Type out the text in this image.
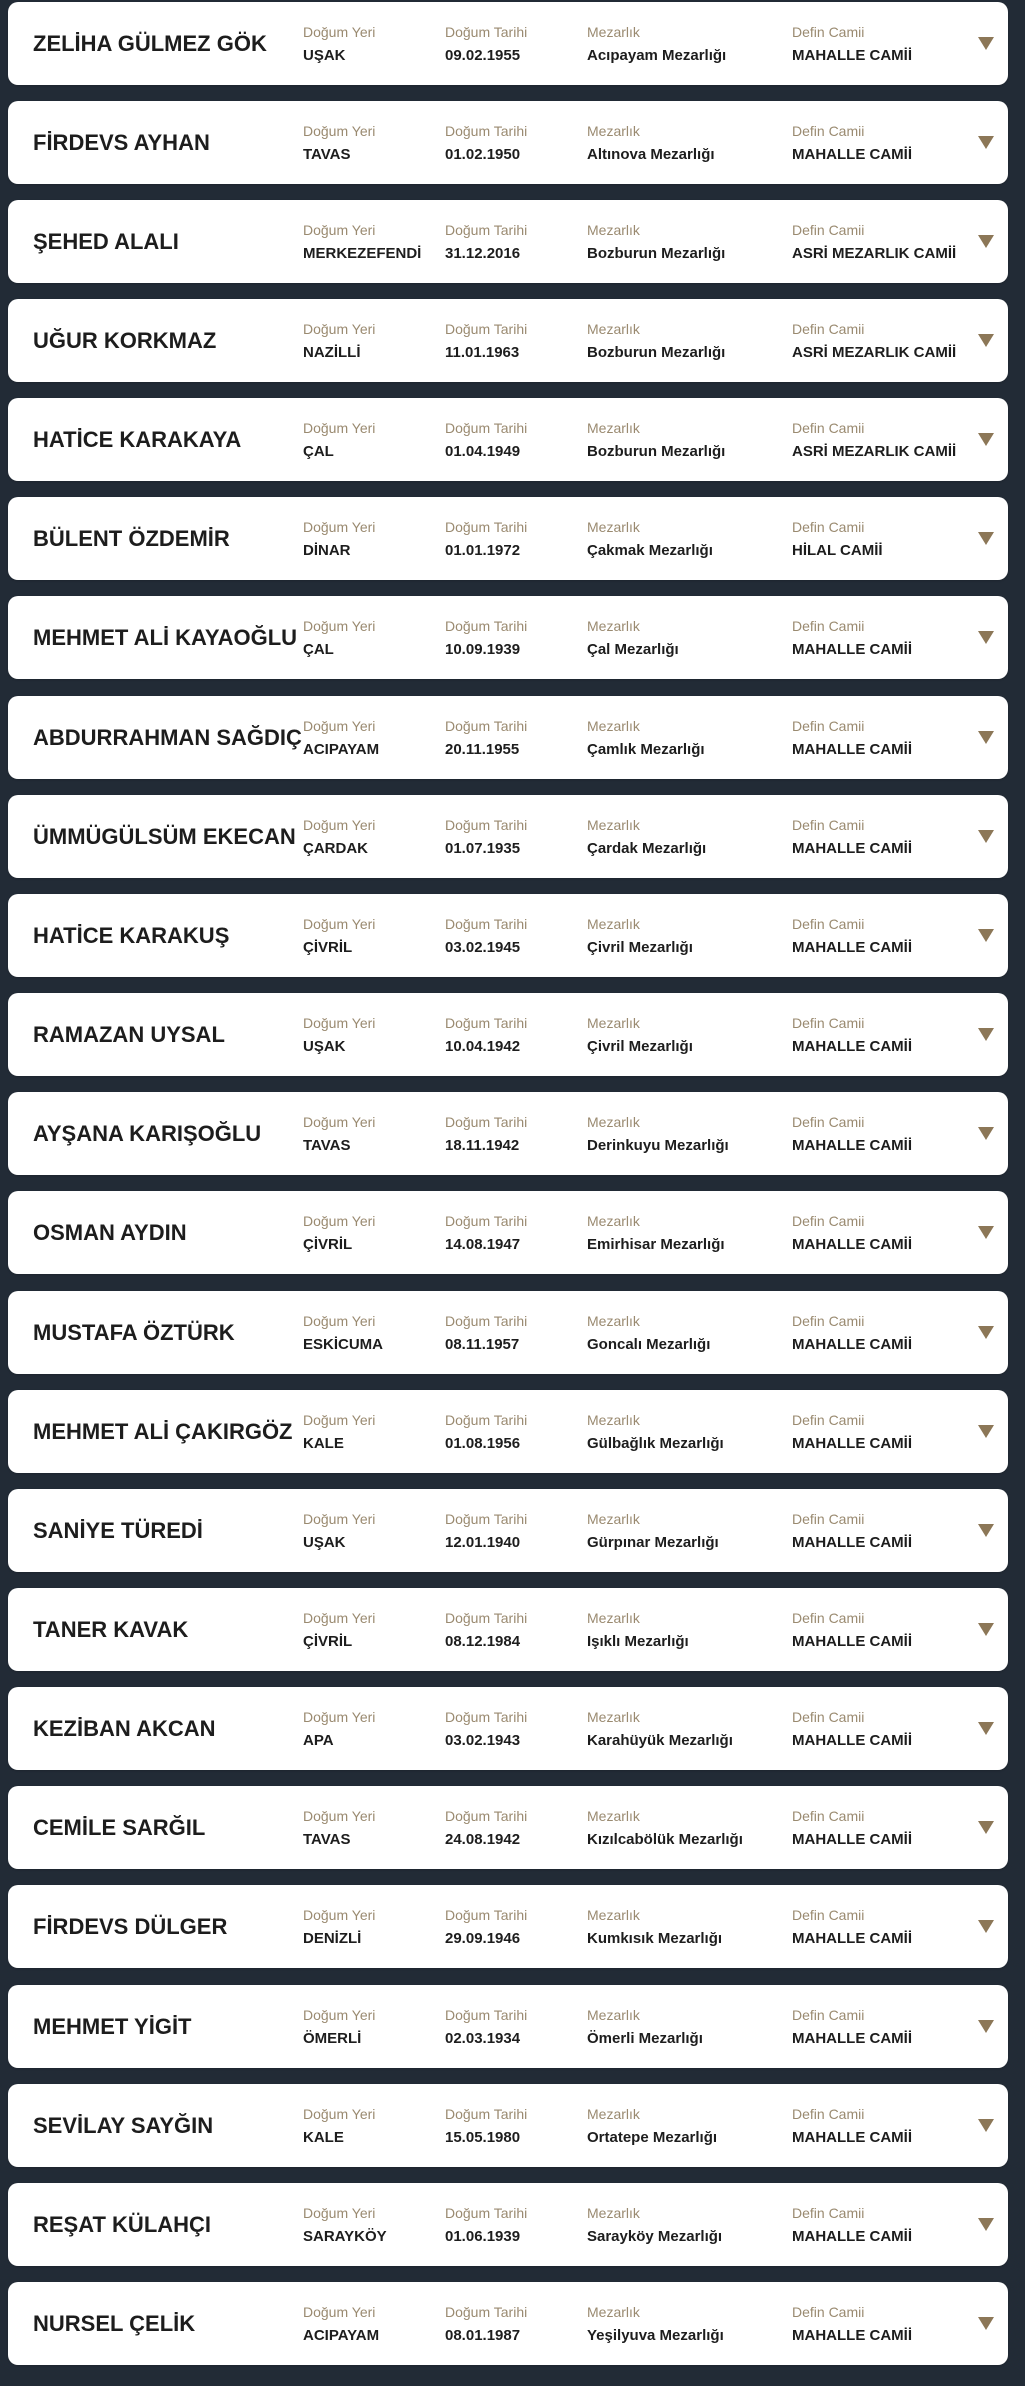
ZELİHA GÜLMEZ GÖK	Doğum Yeri
UŞAK
Doğum Tarihi
09.02.1955
Mezarlık
Acıpayam Mezarlığı
Defin Camii
MAHALLE CAMİİ
FİRDEVS AYHAN	Doğum Yeri
TAVAS
Doğum Tarihi
01.02.1950
Mezarlık
Altınova Mezarlığı
Defin Camii
MAHALLE CAMİİ
ŞEHED ALALI	Doğum Yeri
MERKEZEFENDİ
Doğum Tarihi
31.12.2016
Mezarlık
Bozburun Mezarlığı
Defin Camii
ASRİ MEZARLIK CAMİİ
UĞUR KORKMAZ	Doğum Yeri
NAZİLLİ
Doğum Tarihi
11.01.1963
Mezarlık
Bozburun Mezarlığı
Defin Camii
ASRİ MEZARLIK CAMİİ
HATİCE KARAKAYA	Doğum Yeri
ÇAL
Doğum Tarihi
01.04.1949
Mezarlık
Bozburun Mezarlığı
Defin Camii
ASRİ MEZARLIK CAMİİ
BÜLENT ÖZDEMİR	Doğum Yeri
DİNAR
Doğum Tarihi
01.01.1972
Mezarlık
Çakmak Mezarlığı
Defin Camii
HİLAL CAMİİ
MEHMET ALİ KAYAOĞLU Doğum Yeri
ÇAL
Doğum Tarihi
10.09.1939
Mezarlık
Çal Mezarlığı
Defin Camii
MAHALLE CAMİİ
ABDURRAHMAN SAĞDIÇ Doğum Yeri
ACIPAYAM
Doğum Tarihi
20.11.1955
Mezarlık
Çamlık Mezarlığı
Defin Camii
MAHALLE CAMİİ
ÜMMÜGÜLSÜM EKECAN Doğum Yeri
ÇARDAK
Doğum Tarihi
01.07.1935
Mezarlık
Çardak Mezarlığı
Defin Camii
MAHALLE CAMİİ
HATİCE KARAKUŞ	Doğum Yeri
ÇİVRİL
Doğum Tarihi
03.02.1945
Mezarlık
Çivril Mezarlığı
Defin Camii
MAHALLE CAMİİ
RAMAZAN UYSAL	Doğum Yeri
UŞAK
Doğum Tarihi
10.04.1942
Mezarlık
Çivril Mezarlığı
Defin Camii
MAHALLE CAMİİ
AYŞANA KARIŞOĞLU	Doğum Yeri
TAVAS
Doğum Tarihi
18.11.1942
Mezarlık
Derinkuyu Mezarlığı
Defin Camii
MAHALLE CAMİİ
OSMAN AYDIN	Doğum Yeri
ÇİVRİL
Doğum Tarihi
14.08.1947
Mezarlık
Emirhisar Mezarlığı
Defin Camii
MAHALLE CAMİİ
MUSTAFA ÖZTÜRK	Doğum Yeri
ESKİCUMA
Doğum Tarihi
08.11.1957
Mezarlık
Goncalı Mezarlığı
Defin Camii
MAHALLE CAMİİ
MEHMET ALİ ÇAKIRGÖZ Doğum Yeri
KALE
Doğum Tarihi
01.08.1956
Mezarlık
Gülbağlık Mezarlığı
Defin Camii
MAHALLE CAMİİ
SANİYE TÜREDİ	Doğum Yeri
UŞAK
Doğum Tarihi
12.01.1940
Mezarlık
Gürpınar Mezarlığı
Defin Camii
MAHALLE CAMİİ
TANER KAVAK	Doğum Yeri
ÇİVRİL
Doğum Tarihi
08.12.1984
Mezarlık
Işıklı Mezarlığı
Defin Camii
MAHALLE CAMİİ
KEZİBAN AKCAN	Doğum Yeri
APA
Doğum Tarihi
03.02.1943
Mezarlık
Karahüyük Mezarlığı
Defin Camii
MAHALLE CAMİİ
CEMİLE SARĞIL	Doğum Yeri
TAVAS
Doğum Tarihi
24.08.1942
Mezarlık
Kızılcabölük Mezarlığı
Defin Camii
MAHALLE CAMİİ
FİRDEVS DÜLGER	Doğum Yeri
DENİZLİ
Doğum Tarihi
29.09.1946
Mezarlık
Kumkısık Mezarlığı
Defin Camii
MAHALLE CAMİİ
MEHMET YİGİT	Doğum Yeri
ÖMERLİ
Doğum Tarihi
02.03.1934
Mezarlık
Ömerli Mezarlığı
Defin Camii
MAHALLE CAMİİ
SEVİLAY SAYĞIN	Doğum Yeri
KALE
Doğum Tarihi
15.05.1980
Mezarlık
Ortatepe Mezarlığı
Defin Camii
MAHALLE CAMİİ
REŞAT KÜLAHÇI	Doğum Yeri
SARAYKÖY
Doğum Tarihi
01.06.1939
Mezarlık
Sarayköy Mezarlığı
Defin Camii
MAHALLE CAMİİ
NURSEL ÇELİK	Doğum Yeri
ACIPAYAM
Doğum Tarihi
08.01.1987
Mezarlık
Yeşilyuva Mezarlığı
Defin Camii
MAHALLE CAMİİ
